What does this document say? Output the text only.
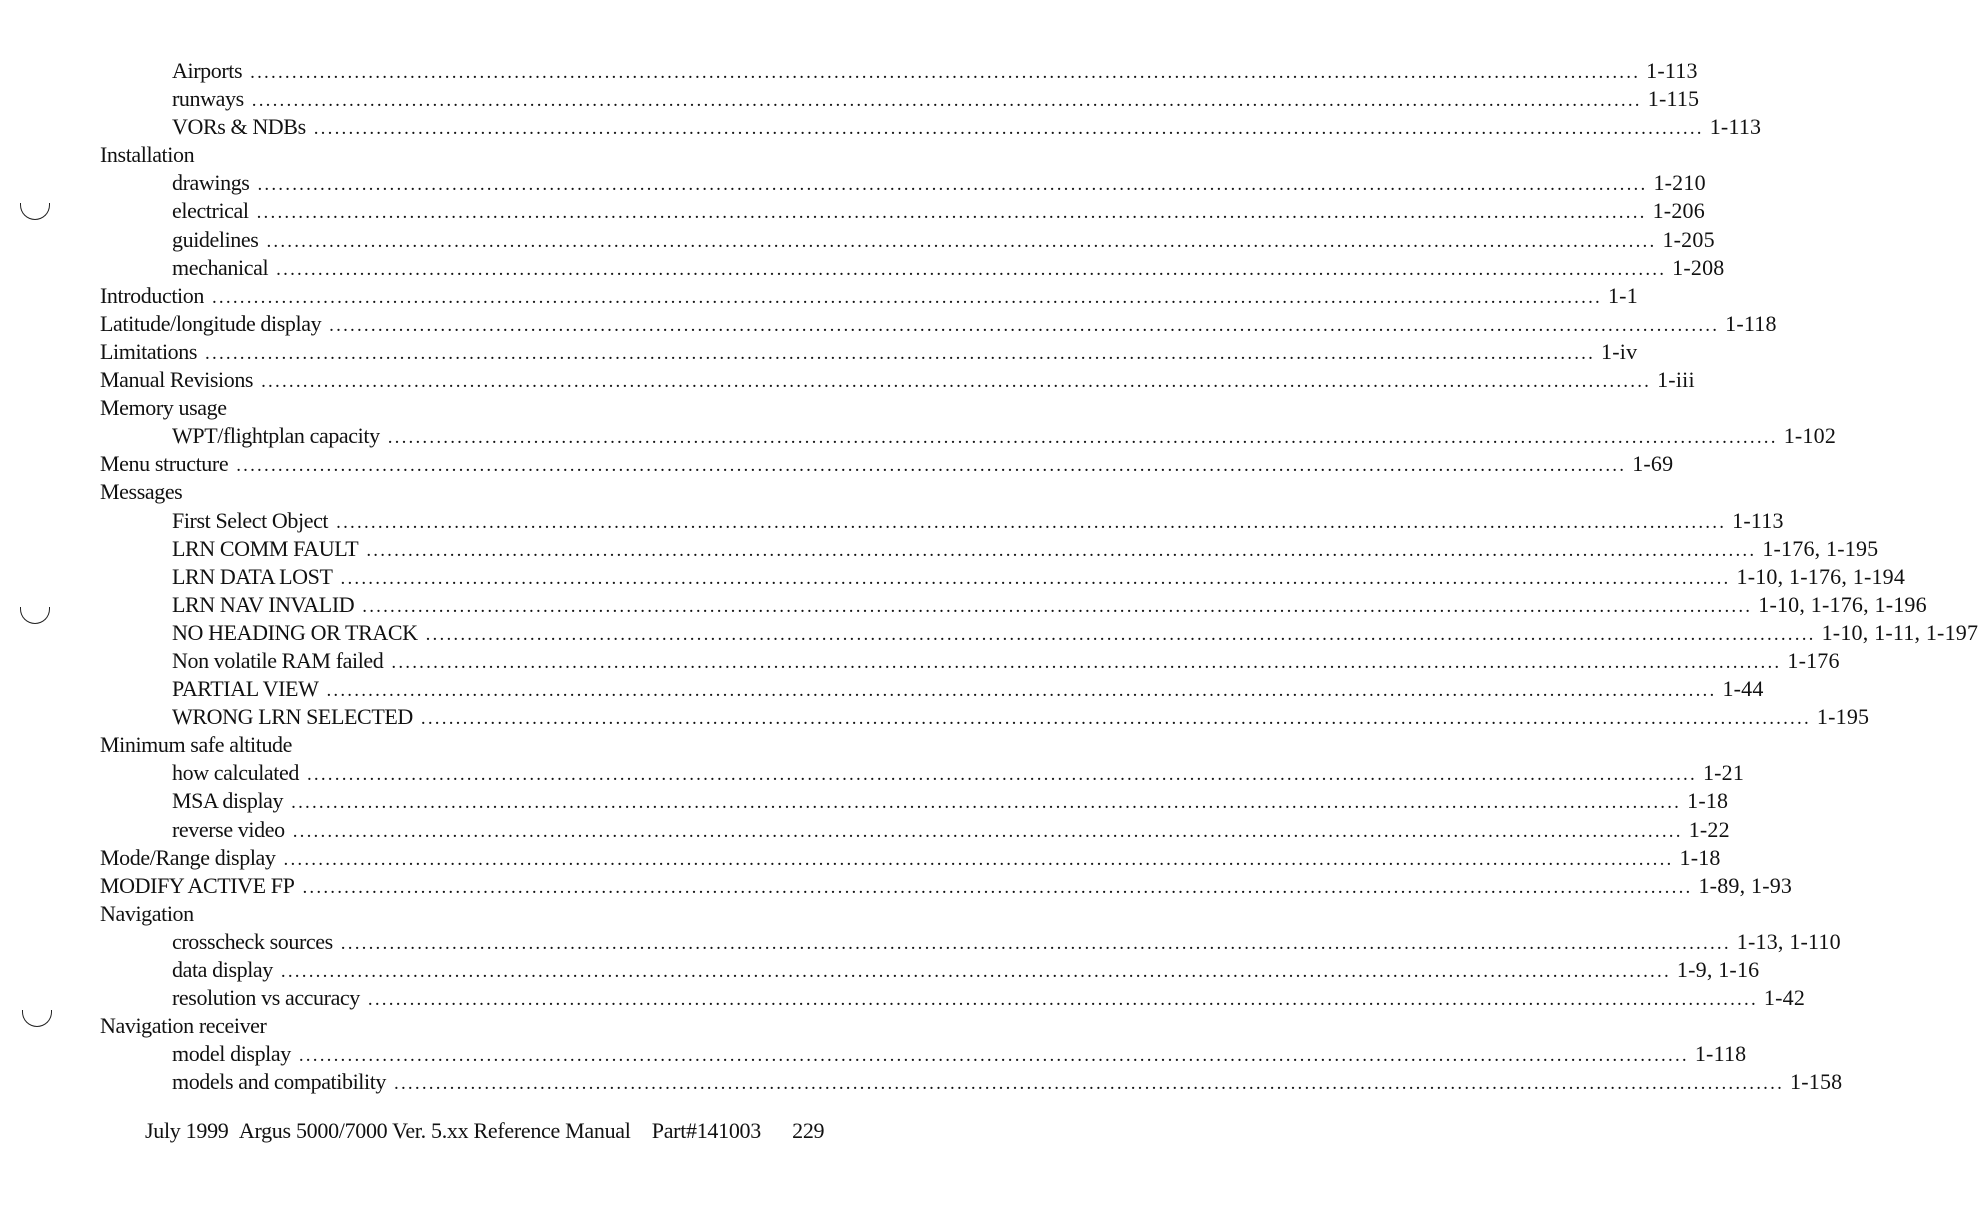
Airports ........................................................................................................................................................................................................ 1-113
runways ........................................................................................................................................................................................................ 1-115
VORs & NDBs ........................................................................................................................................................................................................ 1-113
Installation
drawings ........................................................................................................................................................................................................ 1-210
electrical ........................................................................................................................................................................................................ 1-206
guidelines ........................................................................................................................................................................................................ 1-205
mechanical ........................................................................................................................................................................................................ 1-208
Introduction ........................................................................................................................................................................................................ 1-1
Latitude/longitude display ........................................................................................................................................................................................................ 1-118
Limitations ........................................................................................................................................................................................................ 1-iv
Manual Revisions ........................................................................................................................................................................................................ 1-iii
Memory usage
WPT/flightplan capacity ........................................................................................................................................................................................................ 1-102
Menu structure ........................................................................................................................................................................................................ 1-69
Messages
First Select Object ........................................................................................................................................................................................................ 1-113
LRN COMM FAULT ........................................................................................................................................................................................................ 1-176, 1-195
LRN DATA LOST ........................................................................................................................................................................................................ 1-10, 1-176, 1-194
LRN NAV INVALID ........................................................................................................................................................................................................ 1-10, 1-176, 1-196
NO HEADING OR TRACK ........................................................................................................................................................................................................ 1-10, 1-11, 1-197
Non volatile RAM failed ........................................................................................................................................................................................................ 1-176
PARTIAL VIEW ........................................................................................................................................................................................................ 1-44
WRONG LRN SELECTED ........................................................................................................................................................................................................ 1-195
Minimum safe altitude
how calculated ........................................................................................................................................................................................................ 1-21
MSA display ........................................................................................................................................................................................................ 1-18
reverse video ........................................................................................................................................................................................................ 1-22
Mode/Range display ........................................................................................................................................................................................................ 1-18
MODIFY ACTIVE FP ........................................................................................................................................................................................................ 1-89, 1-93
Navigation
crosscheck sources ........................................................................................................................................................................................................ 1-13, 1-110
data display ........................................................................................................................................................................................................ 1-9, 1-16
resolution vs accuracy ........................................................................................................................................................................................................ 1-42
Navigation receiver
model display ........................................................................................................................................................................................................ 1-118
models and compatibility ........................................................................................................................................................................................................ 1-158
July 1999 Argus 5000/7000 Ver. 5.xx Reference Manual Part#141003 229
